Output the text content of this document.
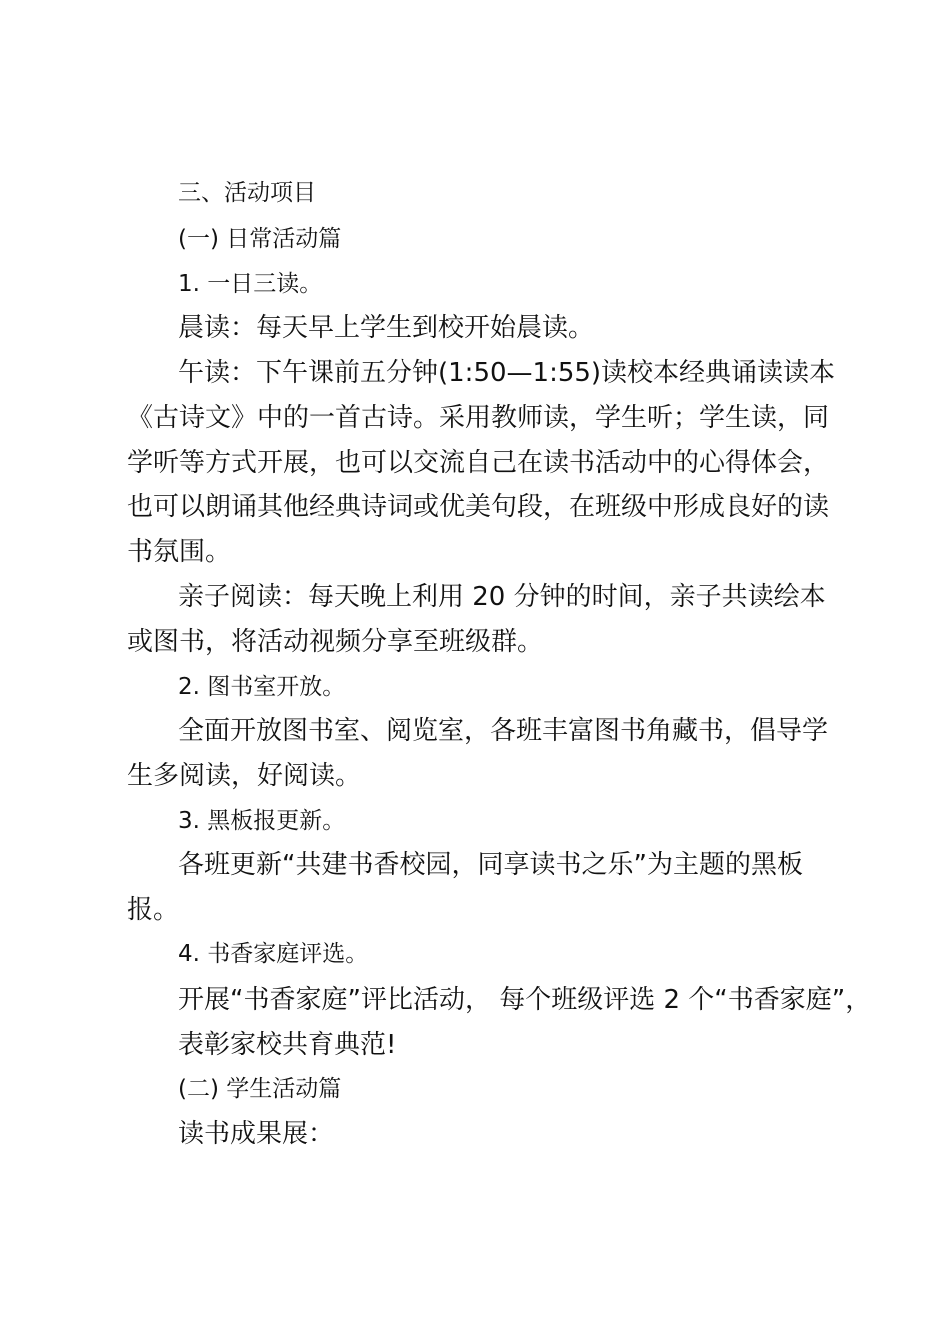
三、活动项目
(一) 日常活动篇
1. 一日三读。
晨读：每天早上学生到校开始晨读。
午读：下午课前五分钟(1:50—1:55)读校本经典诵读读本
《古诗文》中的一首古诗。采用教师读，学生听；学生读，同
学听等方式开展，也可以交流自己在读书活动中的心得体会，
也可以朗诵其他经典诗词或优美句段，在班级中形成良好的读
书氛围。
亲子阅读：每天晚上利用 20 分钟的时间，亲子共读绘本
或图书，将活动视频分享至班级群。
2. 图书室开放。
全面开放图书室、阅览室，各班丰富图书角藏书，倡导学
生多阅读，好阅读。
3. 黑板报更新。
各班更新“共建书香校园，同享读书之乐”为主题的黑板
报。
4. 书香家庭评选。
开展“书香家庭”评比活动， 每个班级评选 2 个“书香家庭”，
表彰家校共育典范!
(二) 学生活动篇
读书成果展：
